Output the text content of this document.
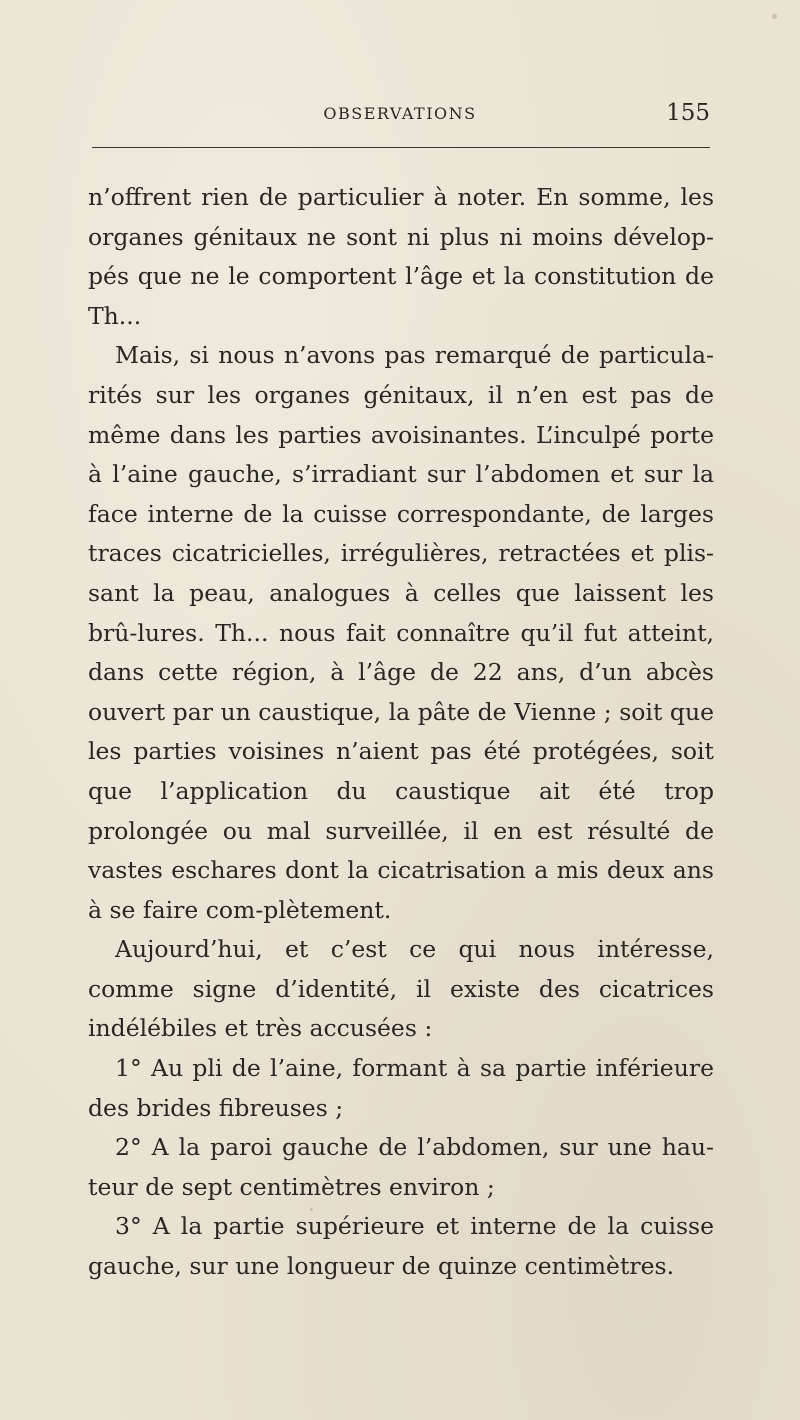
OBSERVATIONS	155

n’offrent rien de particulier à noter. En somme, les organes génitaux ne sont ni plus ni moins dévelop-pés que ne le comportent l’âge et la constitution de Th...

Mais, si nous n’avons pas remarqué de particula-rités sur les organes génitaux, il n’en est pas de même dans les parties avoisinantes. L’inculpé porte à l’aine gauche, s’irradiant sur l’abdomen et sur la face interne de la cuisse correspondante, de larges traces cicatricielles, irrégulières, retractées et plis-sant la peau, analogues à celles que laissent les brû-lures. Th... nous fait connaître qu’il fut atteint, dans cette région, à l’âge de 22 ans, d’un abcès ouvert par un caustique, la pâte de Vienne ; soit que les parties voisines n’aient pas été protégées, soit que l’application du caustique ait été trop prolongée ou mal surveillée, il en est résulté de vastes eschares dont la cicatrisation a mis deux ans à se faire com-plètement.

Aujourd’hui, et c’est ce qui nous intéresse, comme signe d’identité, il existe des cicatrices indélébiles et très accusées :

1° Au pli de l’aine, formant à sa partie inférieure des brides fibreuses ;

2° A la paroi gauche de l’abdomen, sur une hau-teur de sept centimètres environ ;

3° A la partie supérieure et interne de la cuisse gauche, sur une longueur de quinze centimètres.
